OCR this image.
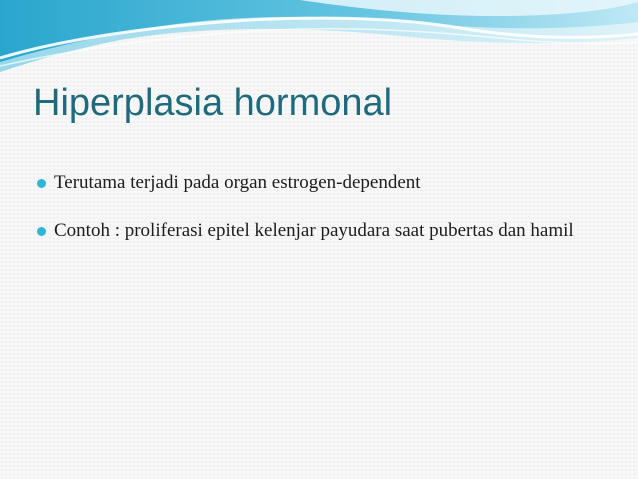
Hiperplasia hormonal
Terutama terjadi pada organ estrogen-dependent
Contoh : proliferasi epitel kelenjar payudara saat pubertas dan hamil
